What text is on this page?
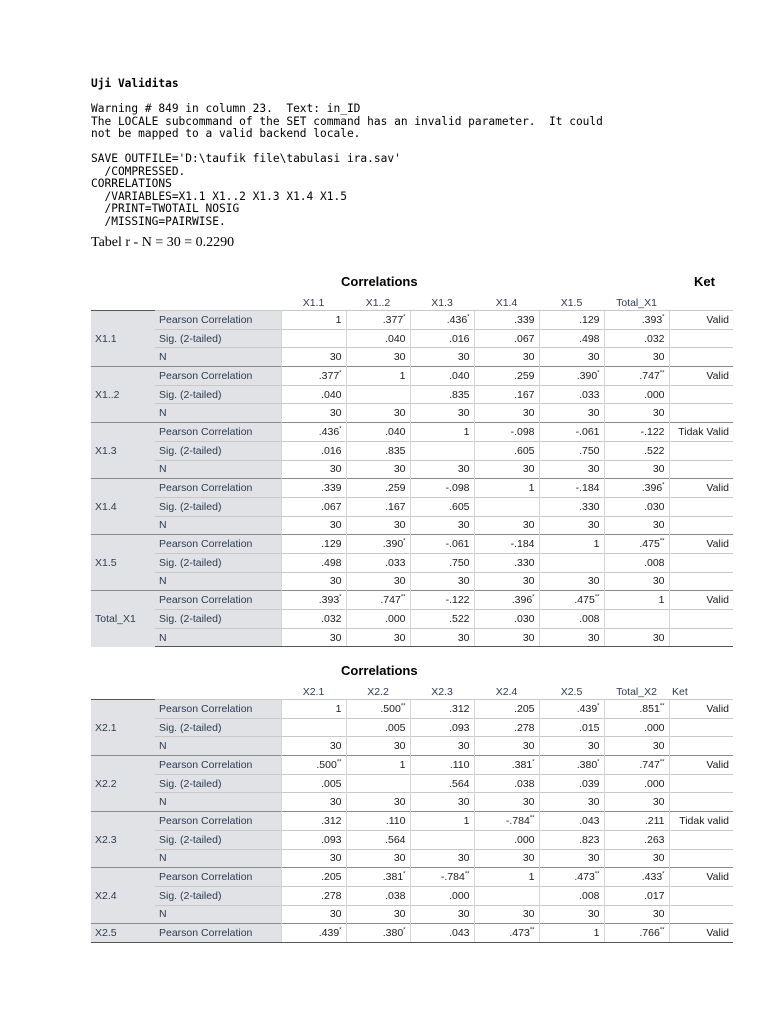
Uji Validitas
Warning # 849 in column 23.  Text: in_ID
The LOCALE subcommand of the SET command has an invalid parameter.  It could
not be mapped to a valid backend locale.
SAVE OUTFILE='D:\taufik file\tabulasi ira.sav'
/COMPRESSED.
CORRELATIONS
/VARIABLES=X1.1 X1..2 X1.3 X1.4 X1.5
/PRINT=TWOTAIL NOSIG
/MISSING=PAIRWISE.
Tabel r - N = 30 = 0.2290
Correlations	Ket
		X1.1	X1..2	X1.3	X1.4	X1.5	Total_X1	
X1.1	Pearson Correlation	1	.377*	.436*	.339	.129	.393*	Valid
	Sig. (2-tailed)		.040	.016	.067	.498	.032	
	N	30	30	30	30	30	30	
X1..2	Pearson Correlation	.377*	1	.040	.259	.390*	.747**	Valid
	Sig. (2-tailed)	.040		.835	.167	.033	.000	
	N	30	30	30	30	30	30	
X1.3	Pearson Correlation	.436*	.040	1	-.098	-.061	-.122	Tidak Valid
	Sig. (2-tailed)	.016	.835		.605	.750	.522	
	N	30	30	30	30	30	30	
X1.4	Pearson Correlation	.339	.259	-.098	1	-.184	.396*	Valid
	Sig. (2-tailed)	.067	.167	.605		.330	.030	
	N	30	30	30	30	30	30	
X1.5	Pearson Correlation	.129	.390*	-.061	-.184	1	.475**	Valid
	Sig. (2-tailed)	.498	.033	.750	.330		.008	
	N	30	30	30	30	30	30	
Total_X1	Pearson Correlation	.393*	.747**	-.122	.396*	.475**	1	Valid
	Sig. (2-tailed)	.032	.000	.522	.030	.008		
	N	30	30	30	30	30	30	
Correlations
		X2.1	X2.2	X2.3	X2.4	X2.5	Total_X2	Ket
X2.1	Pearson Correlation	1	.500**	.312	.205	.439*	.851**	Valid
	Sig. (2-tailed)		.005	.093	.278	.015	.000	
	N	30	30	30	30	30	30	
X2.2	Pearson Correlation	.500**	1	.110	.381*	.380*	.747**	Valid
	Sig. (2-tailed)	.005		.564	.038	.039	.000	
	N	30	30	30	30	30	30	
X2.3	Pearson Correlation	.312	.110	1	-.784**	.043	.211	Tidak valid
	Sig. (2-tailed)	.093	.564		.000	.823	.263	
	N	30	30	30	30	30	30	
X2.4	Pearson Correlation	.205	.381*	-.784**	1	.473**	.433*	Valid
	Sig. (2-tailed)	.278	.038	.000		.008	.017	
	N	30	30	30	30	30	30	
X2.5	Pearson Correlation	.439*	.380*	.043	.473**	1	.766**	Valid
